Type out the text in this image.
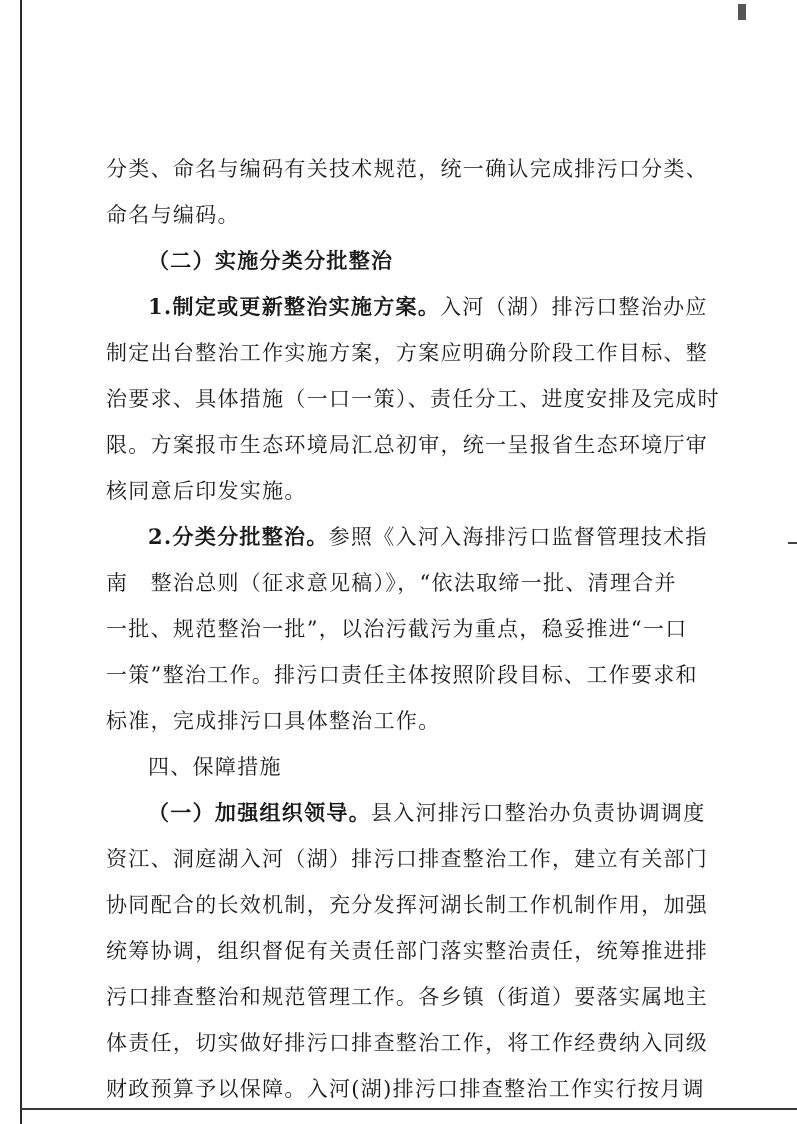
分类、命名与编码有关技术规范，统一确认完成排污口分类、
命名与编码。
（二）实施分类分批整治
1.制定或更新整治实施方案。入河（湖）排污口整治办应
制定出台整治工作实施方案，方案应明确分阶段工作目标、整
治要求、具体措施（一口一策）、责任分工、进度安排及完成时
限。方案报市生态环境局汇总初审，统一呈报省生态环境厅审
核同意后印发实施。
2.分类分批整治。参照《入河入海排污口监督管理技术指
南　整治总则（征求意见稿）》，“依法取缔一批、清理合并
一批、规范整治一批”，以治污截污为重点，稳妥推进“一口
一策”整治工作。排污口责任主体按照阶段目标、工作要求和
标准，完成排污口具体整治工作。
四、保障措施
（一）加强组织领导。县入河排污口整治办负责协调调度
资江、洞庭湖入河（湖）排污口排查整治工作，建立有关部门
协同配合的长效机制，充分发挥河湖长制工作机制作用，加强
统筹协调，组织督促有关责任部门落实整治责任，统筹推进排
污口排查整治和规范管理工作。各乡镇（街道）要落实属地主
体责任，切实做好排污口排查整治工作，将工作经费纳入同级
财政预算予以保障。入河(湖)排污口排查整治工作实行按月调
